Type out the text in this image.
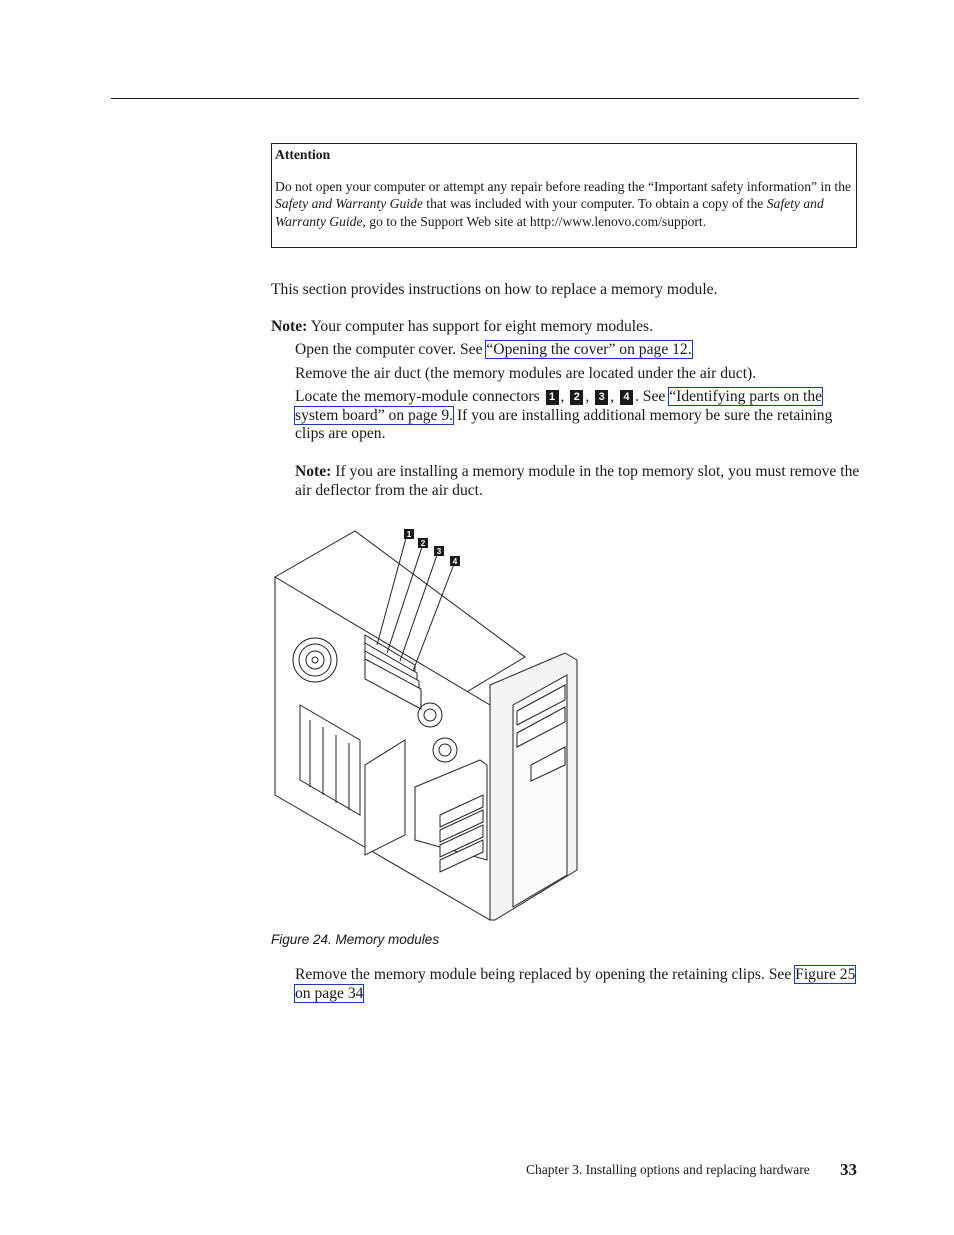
Attention
Do not open your computer or attempt any repair before reading the “Important safety information” in the Safety and Warranty Guide that was included with your computer. To obtain a copy of the Safety and Warranty Guide, go to the Support Web site at http://www.lenovo.com/support.
This section provides instructions on how to replace a memory module.
Note: Your computer has support for eight memory modules.
Open the computer cover. See “Opening the cover” on page 12.
Remove the air duct (the memory modules are located under the air duct).
Locate the memory-module connectors 1 , 2 , 3 , 4 . See “Identifying parts on the system board” on page 9. If you are installing additional memory be sure the retaining clips are open.
Note: If you are installing a memory module in the top memory slot, you must remove the air deflector from the air duct.
1
2
3
4
Figure 24. Memory modules
Remove the memory module being replaced by opening the retaining clips. See Figure 25 on page 34
Chapter 3. Installing options and replacing hardware 33
